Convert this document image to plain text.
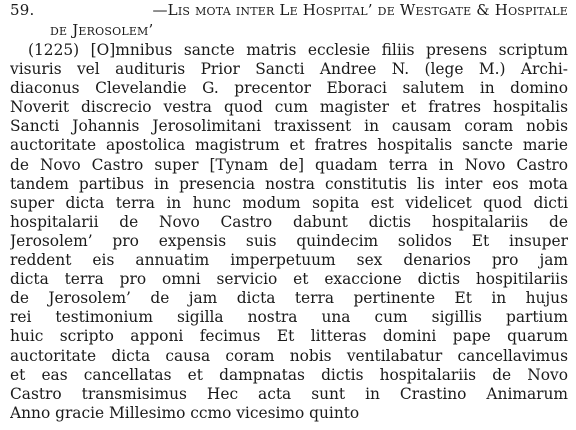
59.	—Lis mota inter Le Hospital’ de Westgate & Hospitale
de Jerosolem’
(1225) [O]mnibus sancte matris ecclesie filiis presens scriptum
visuris vel audituris Prior Sancti Andree N. (lege M.) Archi-
diaconus Clevelandie G. precentor Eboraci salutem in domino
Noverit discrecio vestra quod cum magister et fratres hospitalis
Sancti Johannis Jerosolimitani traxissent in causam coram nobis
auctoritate apostolica magistrum et fratres hospitalis sancte marie
de Novo Castro super [Tynam de] quadam terra in Novo Castro
tandem partibus in presencia nostra constitutis lis inter eos mota
super dicta terra in hunc modum sopita est videlicet quod dicti
hospitalarii de Novo Castro dabunt dictis hospitalariis de
Jerosolem’ pro expensis suis quindecim solidos Et insuper
reddent eis annuatim imperpetuum sex denarios pro jam
dicta terra pro omni servicio et exaccione dictis hospitilariis
de Jerosolem’ de jam dicta terra pertinente Et in hujus
rei testimonium sigilla nostra una cum sigillis partium
huic scripto apponi fecimus Et litteras domini pape quarum
auctoritate dicta causa coram nobis ventilabatur cancellavimus
et eas cancellatas et dampnatas dictis hospitalariis de Novo
Castro transmisimus Hec acta sunt in Crastino Animarum
Anno gracie Millesimo ccmo vicesimo quinto
